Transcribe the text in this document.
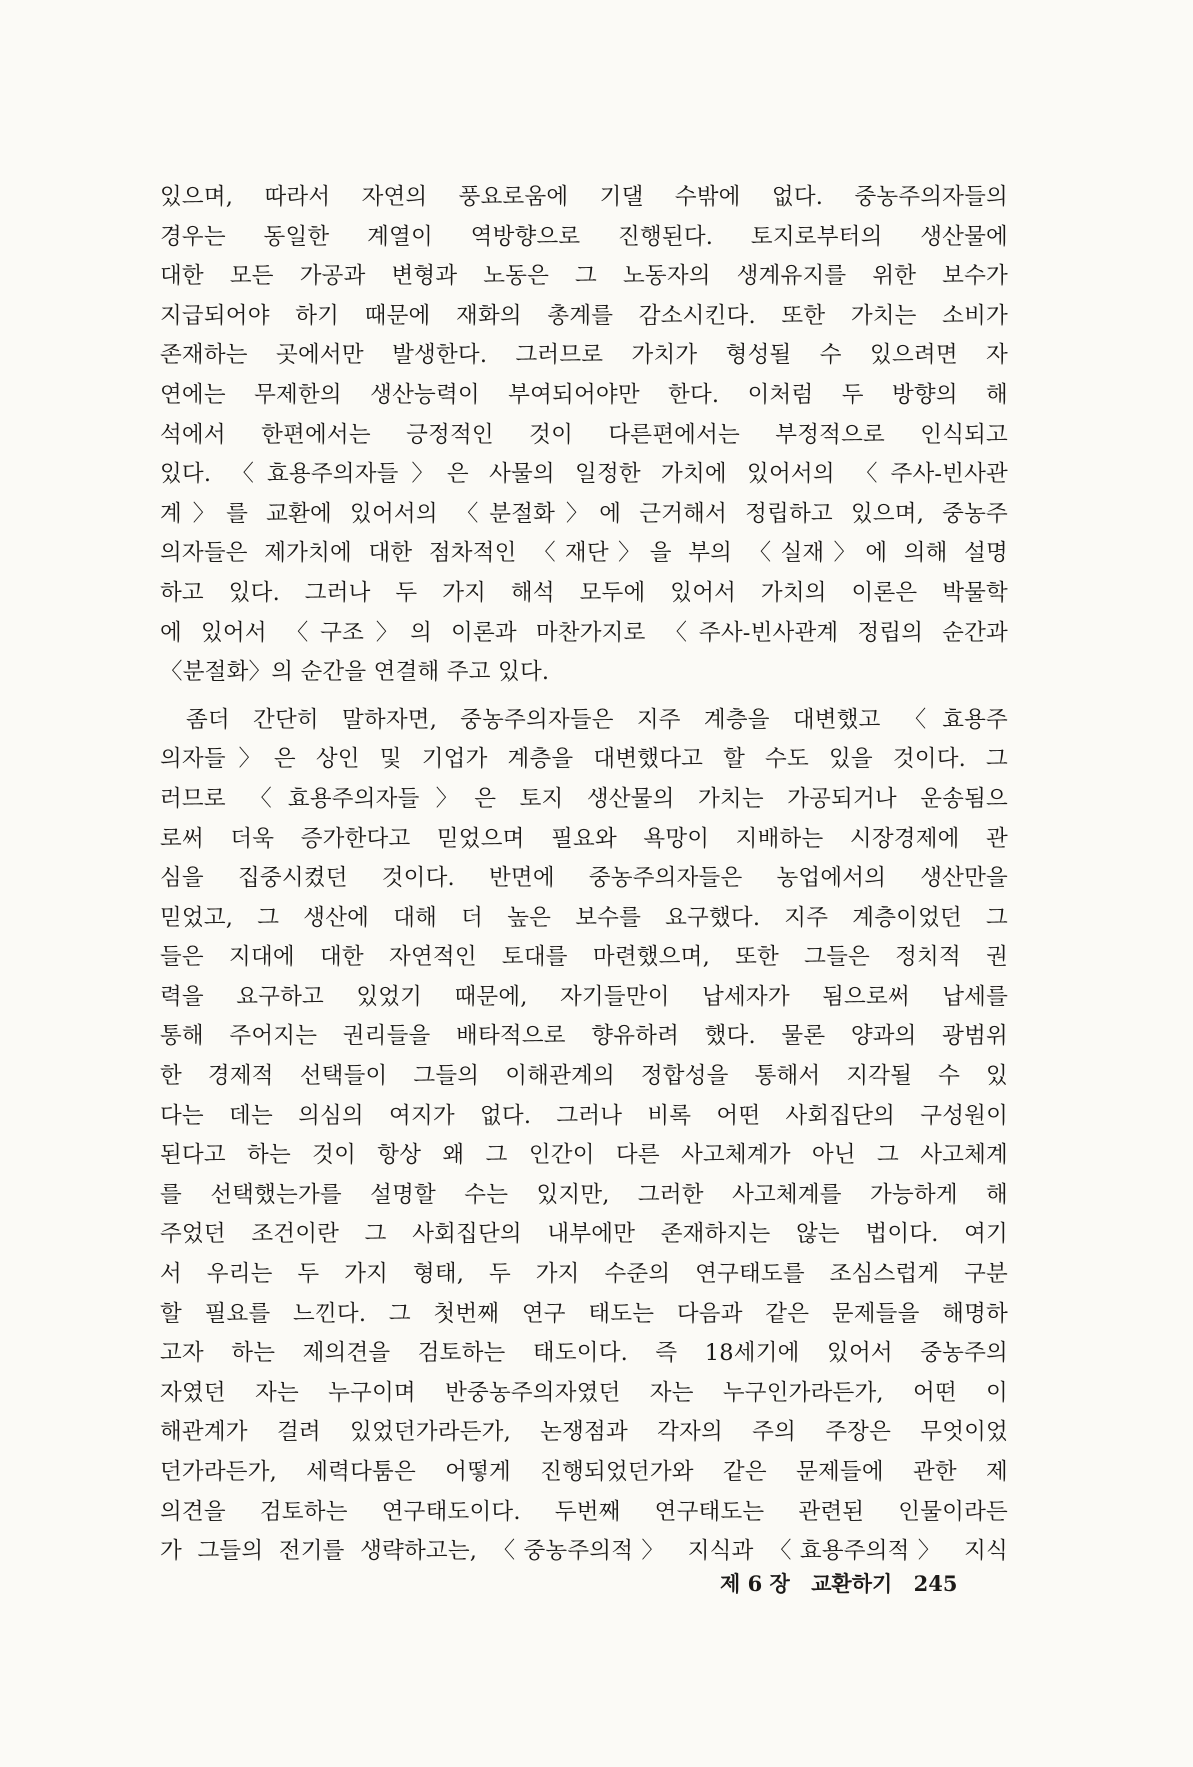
있으며, 따라서 자연의 풍요로움에 기댈 수밖에 없다. 중농주의자들의
경우는 동일한 계열이 역방향으로 진행된다. 토지로부터의 생산물에
대한 모든 가공과 변형과 노동은 그 노동자의 생계유지를 위한 보수가
지급되어야 하기 때문에 재화의 총계를 감소시킨다. 또한 가치는 소비가
존재하는 곳에서만 발생한다. 그러므로 가치가 형성될 수 있으려면 자
연에는 무제한의 생산능력이 부여되어야만 한다. 이처럼 두 방향의 해
석에서 한편에서는 긍정적인 것이 다른편에서는 부정적으로 인식되고
있다. 〈효용주의자들〉은 사물의 일정한 가치에 있어서의 〈주사-빈사관
계〉를 교환에 있어서의 〈분절화〉에 근거해서 정립하고 있으며, 중농주
의자들은 제가치에 대한 점차적인 〈재단〉을 부의 〈실재〉에 의해 설명
하고 있다. 그러나 두 가지 해석 모두에 있어서 가치의 이론은 박물학
에 있어서 〈구조〉의 이론과 마찬가지로 〈주사-빈사관계 정립의 순간과
〈분절화〉의 순간을 연결해 주고 있다.
좀더 간단히 말하자면, 중농주의자들은 지주 계층을 대변했고 〈효용주
의자들〉은 상인 및 기업가 계층을 대변했다고 할 수도 있을 것이다. 그
러므로 〈효용주의자들〉은 토지 생산물의 가치는 가공되거나 운송됨으
로써 더욱 증가한다고 믿었으며 필요와 욕망이 지배하는 시장경제에 관
심을 집중시켰던 것이다. 반면에 중농주의자들은 농업에서의 생산만을
믿었고, 그 생산에 대해 더 높은 보수를 요구했다. 지주 계층이었던 그
들은 지대에 대한 자연적인 토대를 마련했으며, 또한 그들은 정치적 권
력을 요구하고 있었기 때문에, 자기들만이 납세자가 됨으로써 납세를
통해 주어지는 권리들을 배타적으로 향유하려 했다. 물론 양과의 광범위
한 경제적 선택들이 그들의 이해관계의 정합성을 통해서 지각될 수 있
다는 데는 의심의 여지가 없다. 그러나 비록 어떤 사회집단의 구성원이
된다고 하는 것이 항상 왜 그 인간이 다른 사고체계가 아닌 그 사고체계
를 선택했는가를 설명할 수는 있지만, 그러한 사고체계를 가능하게 해
주었던 조건이란 그 사회집단의 내부에만 존재하지는 않는 법이다. 여기
서 우리는 두 가지 형태, 두 가지 수준의 연구태도를 조심스럽게 구분
할 필요를 느낀다. 그 첫번째 연구 태도는 다음과 같은 문제들을 해명하
고자 하는 제의견을 검토하는 태도이다. 즉 18세기에 있어서 중농주의
자였던 자는 누구이며 반중농주의자였던 자는 누구인가라든가, 어떤 이
해관계가 걸려 있었던가라든가, 논쟁점과 각자의 주의 주장은 무엇이었
던가라든가, 세력다툼은 어떻게 진행되었던가와 같은 문제들에 관한 제
의견을 검토하는 연구태도이다. 두번째 연구태도는 관련된 인물이라든
가 그들의 전기를 생략하고는, 〈중농주의적〉 지식과 〈효용주의적〉 지식
제 6 장 교환하기 245
